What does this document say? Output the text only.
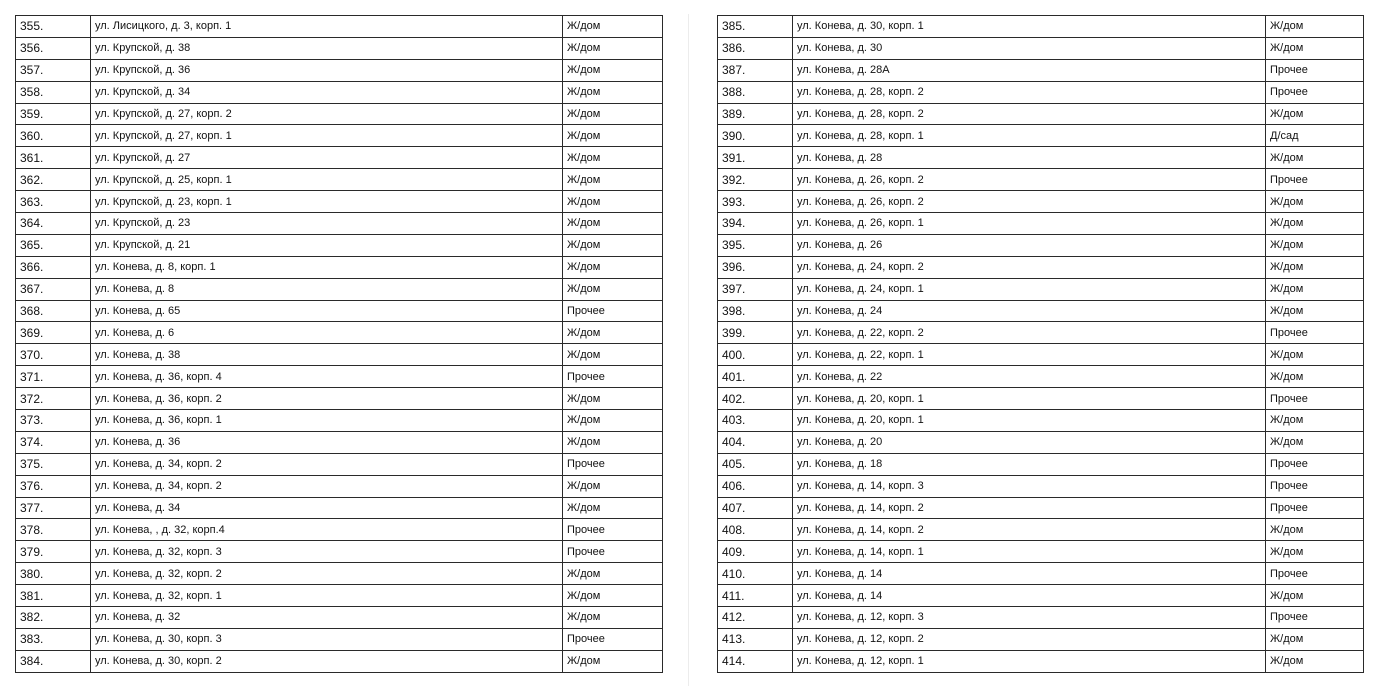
355.	ул. Лисицкого, д. 3, корп. 1	Ж/дом
356.	ул. Крупской, д. 38	Ж/дом
357.	ул. Крупской, д. 36	Ж/дом
358.	ул. Крупской, д. 34	Ж/дом
359.	ул. Крупской, д. 27, корп. 2	Ж/дом
360.	ул. Крупской, д. 27, корп. 1	Ж/дом
361.	ул. Крупской, д. 27	Ж/дом
362.	ул. Крупской, д. 25, корп. 1	Ж/дом
363.	ул. Крупской, д. 23, корп. 1	Ж/дом
364.	ул. Крупской, д. 23	Ж/дом
365.	ул. Крупской, д. 21	Ж/дом
366.	ул. Конева, д. 8, корп. 1	Ж/дом
367.	ул. Конева, д. 8	Ж/дом
368.	ул. Конева, д. 65	Прочее
369.	ул. Конева, д. 6	Ж/дом
370.	ул. Конева, д. 38	Ж/дом
371.	ул. Конева, д. 36, корп. 4	Прочее
372.	ул. Конева, д. 36, корп. 2	Ж/дом
373.	ул. Конева, д. 36, корп. 1	Ж/дом
374.	ул. Конева, д. 36	Ж/дом
375.	ул. Конева, д. 34, корп. 2	Прочее
376.	ул. Конева, д. 34, корп. 2	Ж/дом
377.	ул. Конева, д. 34	Ж/дом
378.	ул. Конева, , д. 32, корп.4	Прочее
379.	ул. Конева, д. 32, корп. 3	Прочее
380.	ул. Конева, д. 32, корп. 2	Ж/дом
381.	ул. Конева, д. 32, корп. 1	Ж/дом
382.	ул. Конева, д. 32	Ж/дом
383.	ул. Конева, д. 30, корп. 3	Прочее
384.	ул. Конева, д. 30, корп. 2	Ж/дом
385.	ул. Конева, д. 30, корп. 1	Ж/дом
386.	ул. Конева, д. 30	Ж/дом
387.	ул. Конева, д. 28А	Прочее
388.	ул. Конева, д. 28, корп. 2	Прочее
389.	ул. Конева, д. 28, корп. 2	Ж/дом
390.	ул. Конева, д. 28, корп. 1	Д/сад
391.	ул. Конева, д. 28	Ж/дом
392.	ул. Конева, д. 26, корп. 2	Прочее
393.	ул. Конева, д. 26, корп. 2	Ж/дом
394.	ул. Конева, д. 26, корп. 1	Ж/дом
395.	ул. Конева, д. 26	Ж/дом
396.	ул. Конева, д. 24, корп. 2	Ж/дом
397.	ул. Конева, д. 24, корп. 1	Ж/дом
398.	ул. Конева, д. 24	Ж/дом
399.	ул. Конева, д. 22, корп. 2	Прочее
400.	ул. Конева, д. 22, корп. 1	Ж/дом
401.	ул. Конева, д. 22	Ж/дом
402.	ул. Конева, д. 20, корп. 1	Прочее
403.	ул. Конева, д. 20, корп. 1	Ж/дом
404.	ул. Конева, д. 20	Ж/дом
405.	ул. Конева, д. 18	Прочее
406.	ул. Конева, д. 14, корп. 3	Прочее
407.	ул. Конева, д. 14, корп. 2	Прочее
408.	ул. Конева, д. 14, корп. 2	Ж/дом
409.	ул. Конева, д. 14, корп. 1	Ж/дом
410.	ул. Конева, д. 14	Прочее
411.	ул. Конева, д. 14	Ж/дом
412.	ул. Конева, д. 12, корп. 3	Прочее
413.	ул. Конева, д. 12, корп. 2	Ж/дом
414.	ул. Конева, д. 12, корп. 1	Ж/дом
